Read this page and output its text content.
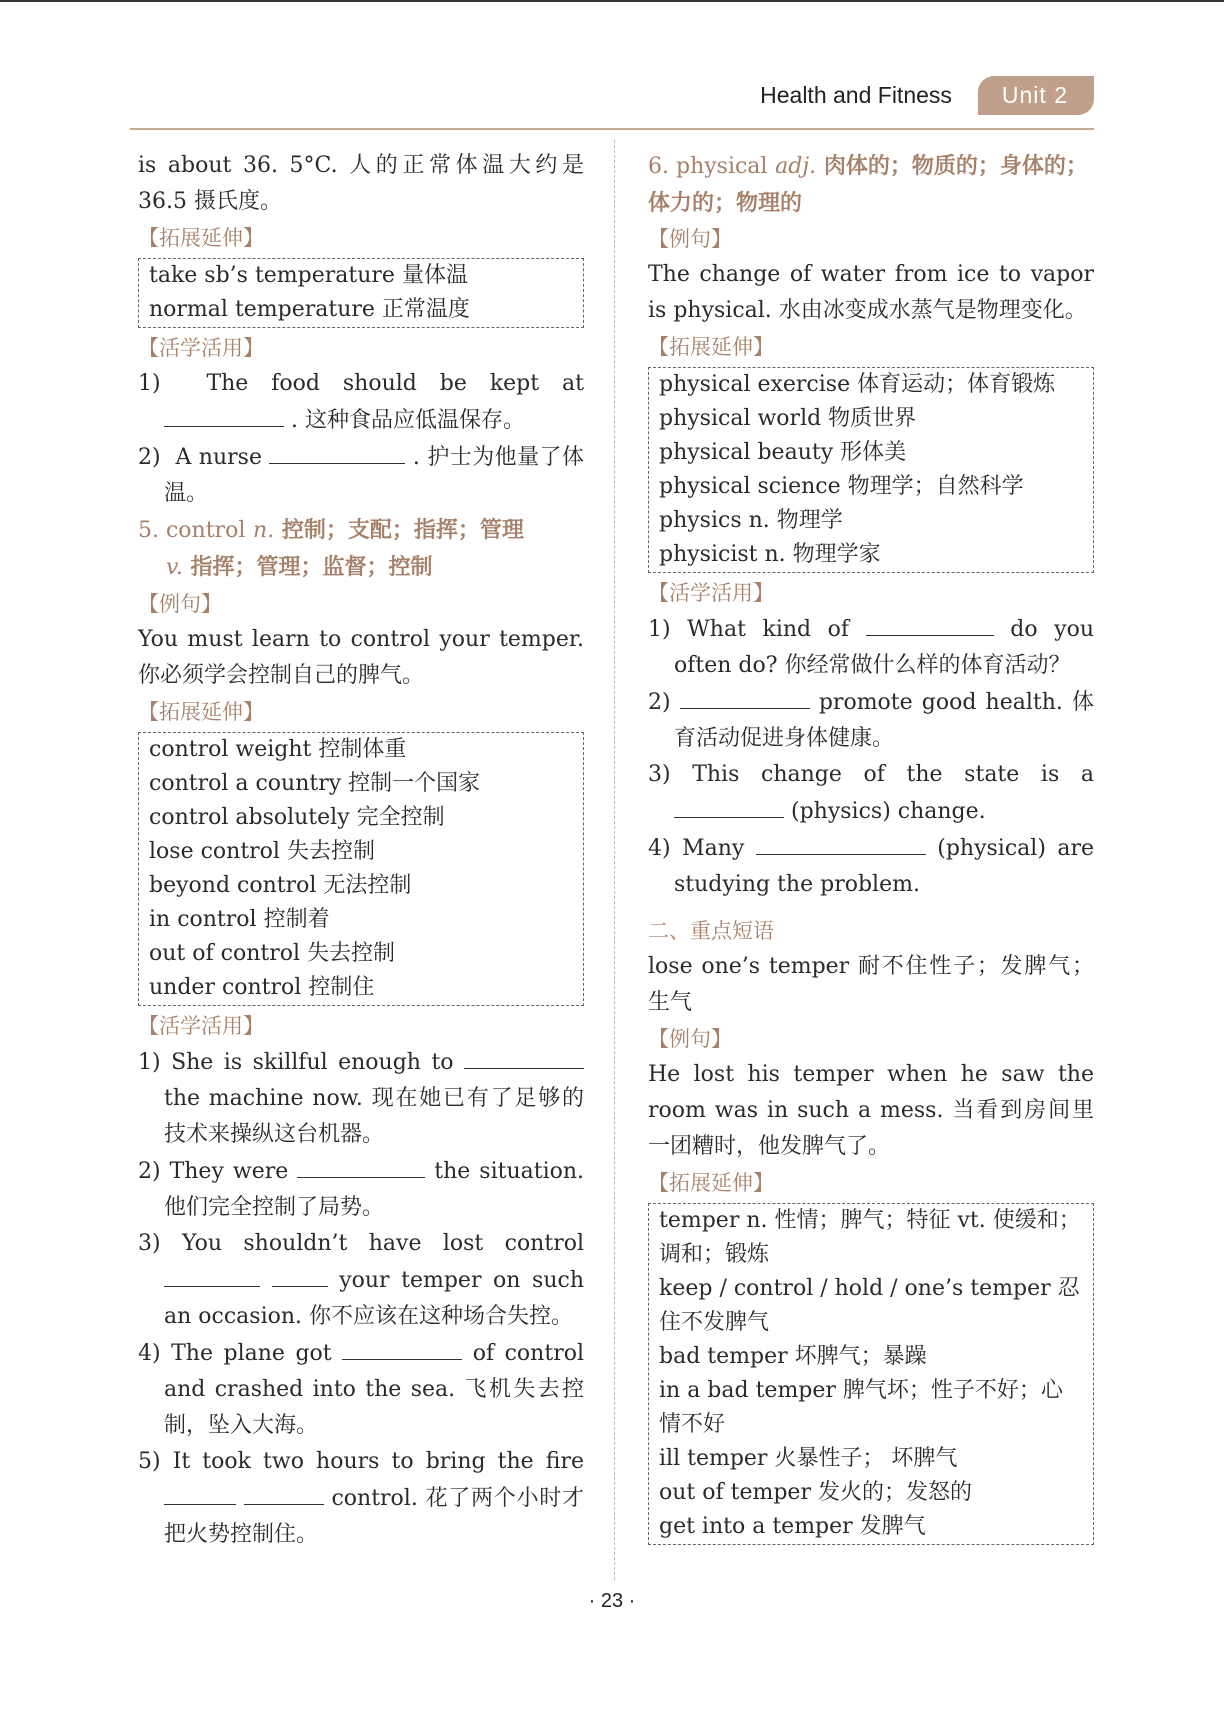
Health and Fitness	Unit 2

is about 36. 5°C. 人的正常体温大约是 36.5 摄氏度。

【拓展延伸】

take sb’s temperature 量体温
normal temperature 正常温度

【活学活用】

1) The food should be kept at  . 这种食品应低温保存。

2) A nurse	. 护士为他量了体温。

5. control n. 控制；支配；指挥；管理

v. 指挥；管理；监督；控制

【例句】

You must learn to control your temper. 你必须学会控制自己的脾气。

【拓展延伸】

control weight 控制体重
control a country 控制一个国家
control absolutely 完全控制
lose control 失去控制
beyond control 无法控制
in control 控制着
out of control 失去控制
under control 控制住

【活学活用】

1) She is skillful enough to  the machine now. 现在她已有了足够的技术来操纵这台机器。

2) They were	the situation. 他们完全控制了局势。

3) You shouldn’t have lost control   your temper on such an occasion. 你不应该在这种场合失控。

4) The plane got	of control and crashed into the sea. 飞机失去控制，坠入大海。

5) It took two hours to bring the fire   control. 花了两个小时才把火势控制住。

6. physical adj. 肉体的；物质的；身体的；体力的；物理的

【例句】

The change of water from ice to vapor is physical. 水由冰变成水蒸气是物理变化。

【拓展延伸】

physical exercise 体育运动；体育锻炼
physical world 物质世界
physical beauty 形体美
physical science 物理学；自然科学
physics n. 物理学
physicist n. 物理学家

【活学活用】

1) What kind of	do you often do? 你经常做什么样的体育活动？

2)	promote good health. 体育活动促进身体健康。

3) This change of the state is a  (physics) change.

4) Many	(physical) are studying the problem.

二、重点短语

lose one’s temper 耐不住性子；发脾气；生气

【例句】

He lost his temper when he saw the room was in such a mess. 当看到房间里一团糟时，他发脾气了。

【拓展延伸】

temper n. 性情；脾气；特征 vt. 使缓和；调和；锻炼
keep / control / hold / one’s temper 忍住不发脾气
bad temper 坏脾气；暴躁
in a bad temper 脾气坏；性子不好；心情不好
ill temper 火暴性子； 坏脾气
out of temper 发火的；发怒的
get into a temper 发脾气
· 23 ·
